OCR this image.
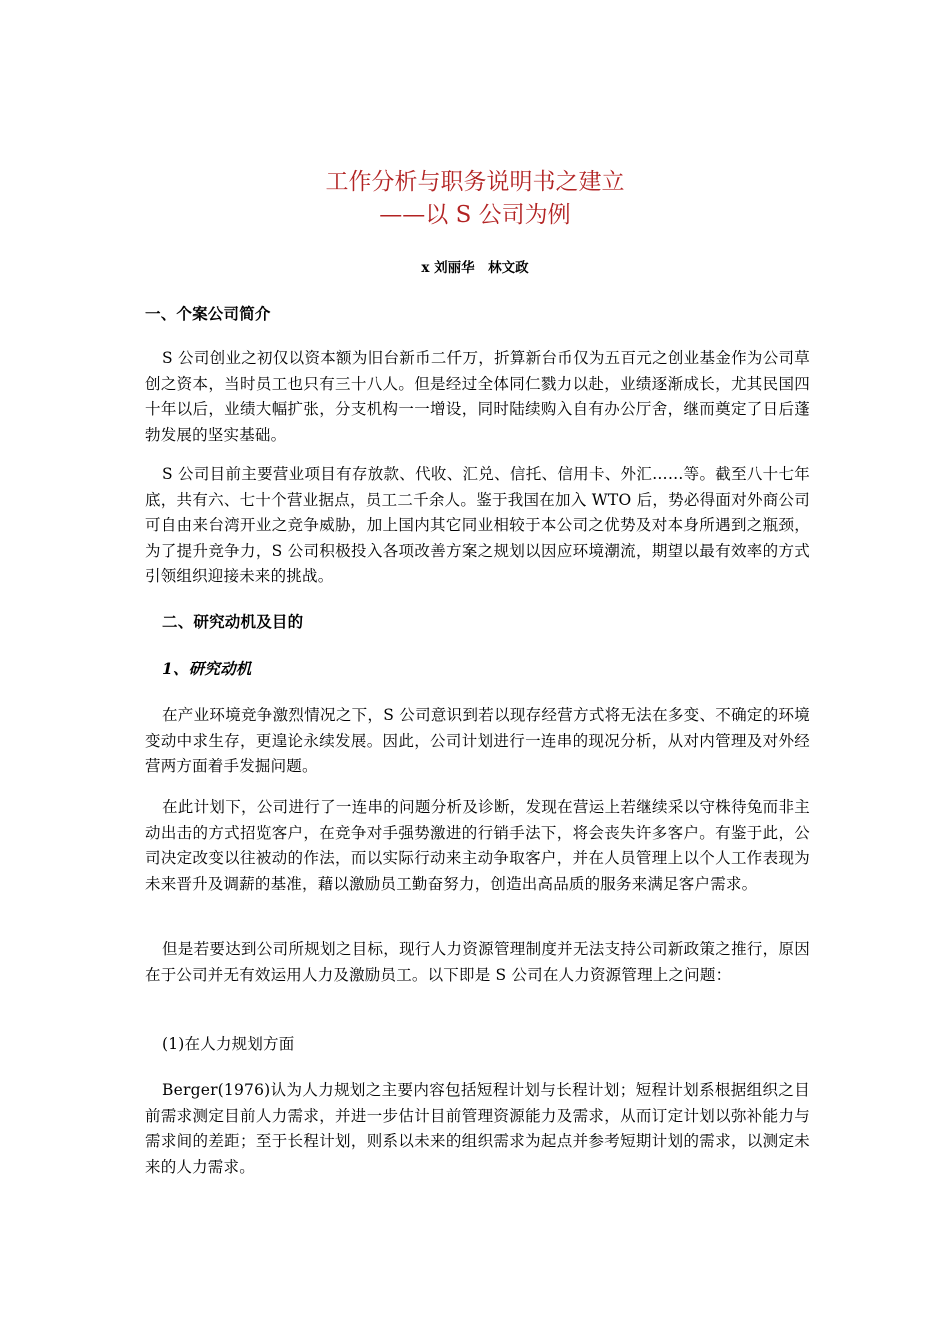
工作分析与职务说明书之建立
——以 S 公司为例
x 刘丽华　林文政
一、个案公司简介
S 公司创业之初仅以资本额为旧台新币二仟万，折算新台币仅为五百元之创业基金作为公司草创之资本，当时员工也只有三十八人。但是经过全体同仁戮力以赴，业绩逐渐成长，尤其民国四十年以后，业绩大幅扩张，分支机构一一增设，同时陆续购入自有办公厅舍，继而奠定了日后蓬勃发展的坚实基础。
S 公司目前主要营业项目有存放款、代收、汇兑、信托、信用卡、外汇……等。截至八十七年底，共有六、七十个营业据点，员工二千余人。鉴于我国在加入 WTO 后，势必得面对外商公司可自由来台湾开业之竞争威胁，加上国内其它同业相较于本公司之优势及对本身所遇到之瓶颈，为了提升竞争力，S 公司积极投入各项改善方案之规划以因应环境潮流，期望以最有效率的方式引领组织迎接未来的挑战。
二、研究动机及目的
1、研究动机
在产业环境竞争激烈情况之下，S 公司意识到若以现存经营方式将无法在多变、不确定的环境变动中求生存，更遑论永续发展。因此，公司计划进行一连串的现况分析，从对内管理及对外经营两方面着手发掘问题。
在此计划下，公司进行了一连串的问题分析及诊断，发现在营运上若继续采以守株待兔而非主动出击的方式招览客户，在竞争对手强势激进的行销手法下，将会丧失许多客户。有鉴于此，公司决定改变以往被动的作法，而以实际行动来主动争取客户，并在人员管理上以个人工作表现为未来晋升及调薪的基准，藉以激励员工勤奋努力，创造出高品质的服务来满足客户需求。
但是若要达到公司所规划之目标，现行人力资源管理制度并无法支持公司新政策之推行，原因在于公司并无有效运用人力及激励员工。以下即是 S 公司在人力资源管理上之问题：
(1)在人力规划方面
Berger(1976)认为人力规划之主要内容包括短程计划与长程计划；短程计划系根据组织之目前需求测定目前人力需求，并进一步估计目前管理资源能力及需求，从而订定计划以弥补能力与需求间的差距；至于长程计划，则系以未来的组织需求为起点并参考短期计划的需求，以测定未来的人力需求。
